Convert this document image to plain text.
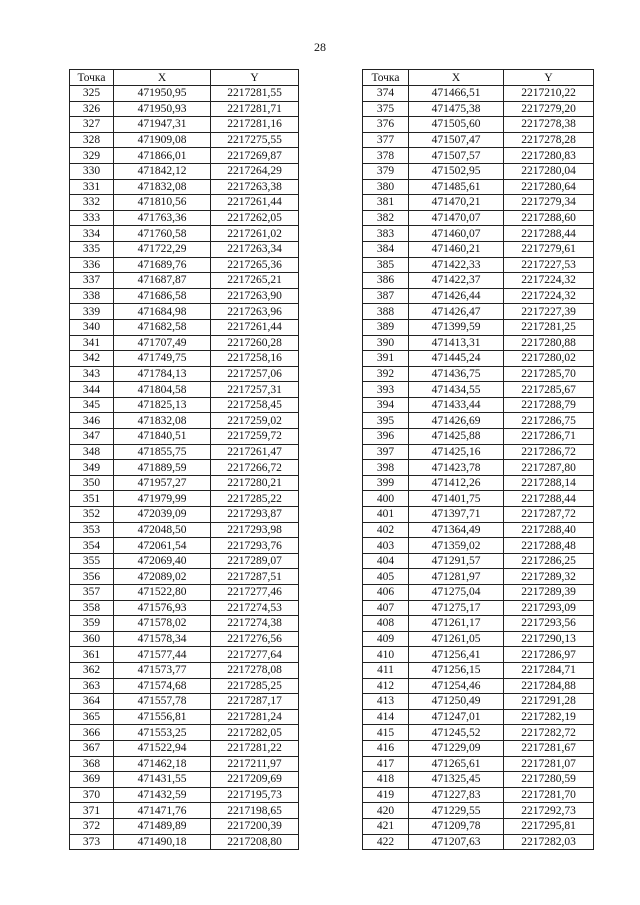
28
Точка	X	Y
325	471950,95	2217281,55
326	471950,93	2217281,71
327	471947,31	2217281,16
328	471909,08	2217275,55
329	471866,01	2217269,87
330	471842,12	2217264,29
331	471832,08	2217263,38
332	471810,56	2217261,44
333	471763,36	2217262,05
334	471760,58	2217261,02
335	471722,29	2217263,34
336	471689,76	2217265,36
337	471687,87	2217265,21
338	471686,58	2217263,90
339	471684,98	2217263,96
340	471682,58	2217261,44
341	471707,49	2217260,28
342	471749,75	2217258,16
343	471784,13	2217257,06
344	471804,58	2217257,31
345	471825,13	2217258,45
346	471832,08	2217259,02
347	471840,51	2217259,72
348	471855,75	2217261,47
349	471889,59	2217266,72
350	471957,27	2217280,21
351	471979,99	2217285,22
352	472039,09	2217293,87
353	472048,50	2217293,98
354	472061,54	2217293,76
355	472069,40	2217289,07
356	472089,02	2217287,51
357	471522,80	2217277,46
358	471576,93	2217274,53
359	471578,02	2217274,38
360	471578,34	2217276,56
361	471577,44	2217277,64
362	471573,77	2217278,08
363	471574,68	2217285,25
364	471557,78	2217287,17
365	471556,81	2217281,24
366	471553,25	2217282,05
367	471522,94	2217281,22
368	471462,18	2217211,97
369	471431,55	2217209,69
370	471432,59	2217195,73
371	471471,76	2217198,65
372	471489,89	2217200,39
373	471490,18	2217208,80
Точка	X	Y
374	471466,51	2217210,22
375	471475,38	2217279,20
376	471505,60	2217278,38
377	471507,47	2217278,28
378	471507,57	2217280,83
379	471502,95	2217280,04
380	471485,61	2217280,64
381	471470,21	2217279,34
382	471470,07	2217288,60
383	471460,07	2217288,44
384	471460,21	2217279,61
385	471422,33	2217227,53
386	471422,37	2217224,32
387	471426,44	2217224,32
388	471426,47	2217227,39
389	471399,59	2217281,25
390	471413,31	2217280,88
391	471445,24	2217280,02
392	471436,75	2217285,70
393	471434,55	2217285,67
394	471433,44	2217288,79
395	471426,69	2217286,75
396	471425,88	2217286,71
397	471425,16	2217286,72
398	471423,78	2217287,80
399	471412,26	2217288,14
400	471401,75	2217288,44
401	471397,71	2217287,72
402	471364,49	2217288,40
403	471359,02	2217288,48
404	471291,57	2217286,25
405	471281,97	2217289,32
406	471275,04	2217289,39
407	471275,17	2217293,09
408	471261,17	2217293,56
409	471261,05	2217290,13
410	471256,41	2217286,97
411	471256,15	2217284,71
412	471254,46	2217284,88
413	471250,49	2217291,28
414	471247,01	2217282,19
415	471245,52	2217282,72
416	471229,09	2217281,67
417	471265,61	2217281,07
418	471325,45	2217280,59
419	471227,83	2217281,70
420	471229,55	2217292,73
421	471209,78	2217295,81
422	471207,63	2217282,03
